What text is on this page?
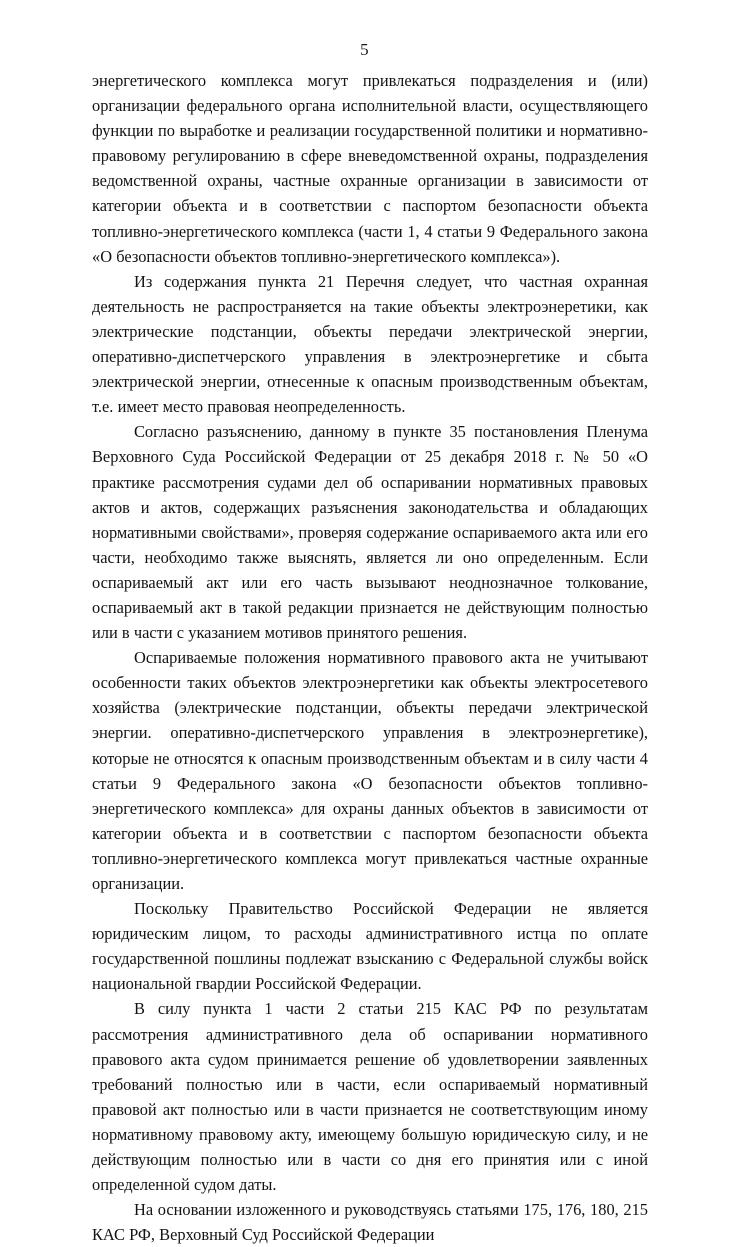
5

энергетического комплекса могут привлекаться подразделения и (или) организации федерального органа исполнительной власти, осуществляющего функции по выработке и реализации государственной политики и нормативно-правовому регулированию в сфере вневедомственной охраны, подразделения ведомственной охраны, частные охранные организации в зависимости от категории объекта и в соответствии с паспортом безопасности объекта топливно-энергетического комплекса (части 1, 4 статьи 9 Федерального закона «О безопасности объектов топливно-энергетического комплекса»).

Из содержания пункта 21 Перечня следует, что частная охранная деятельность не распространяется на такие объекты электроэнеретики, как электрические подстанции, объекты передачи электрической энергии, оперативно-диспетчерского управления в электроэнергетике и сбыта электрической энергии, отнесенные к опасным производственным объектам, т.е. имеет место правовая неопределенность.

Согласно разъяснению, данному в пункте 35 постановления Пленума Верховного Суда Российской Федерации от 25 декабря 2018 г. № 50 «О практике рассмотрения судами дел об оспаривании нормативных правовых актов и актов, содержащих разъяснения законодательства и обладающих нормативными свойствами», проверяя содержание оспариваемого акта или его части, необходимо также выяснять, является ли оно определенным. Если оспариваемый акт или его часть вызывают неоднозначное толкование, оспариваемый акт в такой редакции признается не действующим полностью или в части с указанием мотивов принятого решения.

Оспариваемые положения нормативного правового акта не учитывают особенности таких объектов электроэнергетики как объекты электросетевого хозяйства (электрические подстанции, объекты передачи электрической энергии. оперативно-диспетчерского управления в электроэнергетике), которые не относятся к опасным производственным объектам и в силу части 4 статьи 9 Федерального закона «О безопасности объектов топливно-энергетического комплекса» для охраны данных объектов в зависимости от категории объекта и в соответствии с паспортом безопасности объекта топливно-энергетического комплекса могут привлекаться частные охранные организации.

Поскольку Правительство Российской Федерации не является юридическим лицом, то расходы административного истца по оплате государственной пошлины подлежат взысканию с Федеральной службы войск национальной гвардии Российской Федерации.

В силу пункта 1 части 2 статьи 215 КАС РФ по результатам рассмотрения административного дела об оспаривании нормативного правового акта судом принимается решение об удовлетворении заявленных требований полностью или в части, если оспариваемый нормативный правовой акт полностью или в части признается не соответствующим иному нормативному правовому акту, имеющему большую юридическую силу, и не действующим полностью или в части со дня его принятия или с иной определенной судом даты.

На основании изложенного и руководствуясь статьями 175, 176, 180, 215 КАС РФ, Верховный Суд Российской Федерации
